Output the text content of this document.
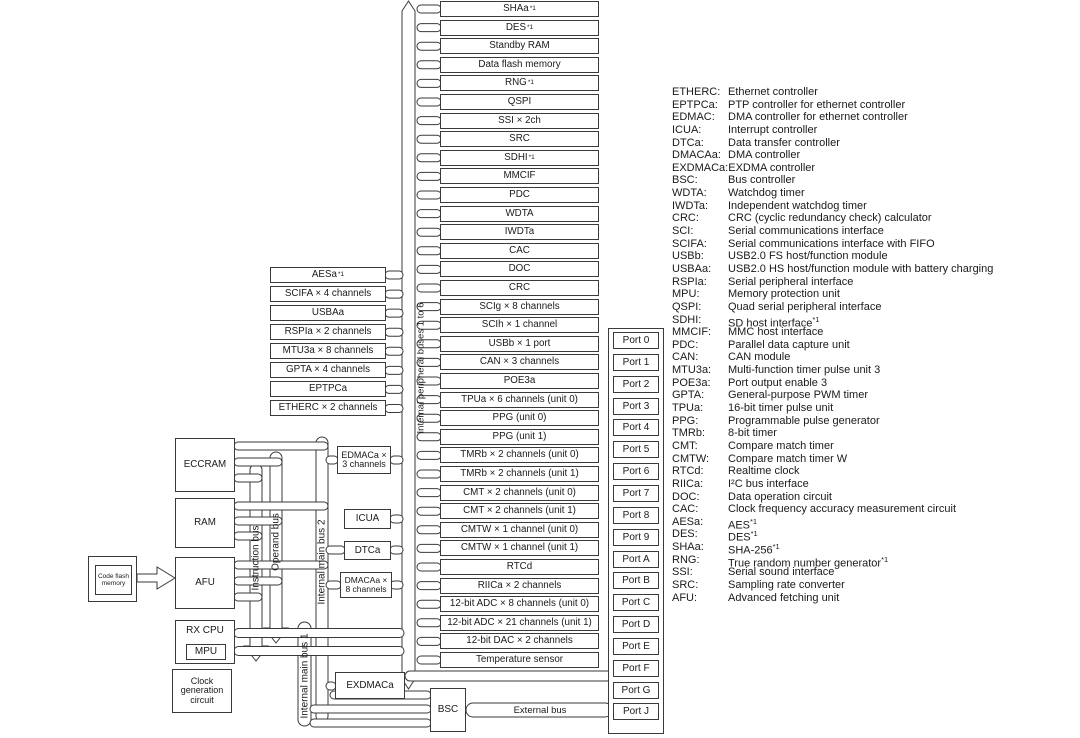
SHAa *1
DES *1
Standby RAM
Data flash memory
RNG *1
QSPI
SSI × 2ch
SRC
SDHI *1
MMCIF
PDC
WDTA
IWDTa
CAC
DOC
CRC
SCIg × 8 channels
SCIh × 1 channel
USBb × 1 port
CAN × 3 channels
POE3a
TPUa × 6 channels (unit 0)
PPG (unit 0)
PPG (unit 1)
TMRb × 2 channels (unit 0)
TMRb × 2 channels (unit 1)
CMT × 2 channels (unit 0)
CMT × 2 channels (unit 1)
CMTW × 1 channel (unit 0)
CMTW × 1 channel (unit 1)
RTCd
RIICa × 2 channels
12-bit ADC × 8 channels (unit 0)
12-bit ADC × 21 channels (unit 1)
12-bit DAC × 2 channels
Temperature sensor
AESa *1
SCIFA × 4 channels
USBAa
RSPIa × 2 channels
MTU3a × 8 channels
GPTA × 4 channels
EPTPCa
ETHERC × 2 channels
ECCRAM
RAM
AFU
Code flash memory
RX CPU
MPU
Clock generation circuit
EDMACa × 3 channels
ICUA
DTCa
DMACAa × 8 channels
EXDMACa
BSC
Instruction bus Operand bus	Internal main bus 2
Internal main bus 1
Internal peripheral buses 1 to 6
External bus
Port 0
Port 1
Port 2
Port 3
Port 4
Port 5
Port 6
Port 7
Port 8
Port 9
Port A
Port B
Port C
Port D
Port E
Port F
Port G
Port J
ETHERC: Ethernet controller
EPTPCa: PTP controller for ethernet controller
EDMAC:	DMA controller for ethernet controller
ICUA:	Interrupt controller
DTCa:	Data transfer controller
DMACAa: DMA controller
EXDMACa: EXDMA controller
BSC:	Bus controller
WDTA:	Watchdog timer
IWDTa:	Independent watchdog timer
CRC:	CRC (cyclic redundancy check) calculator
SCI:	Serial communications interface
SCIFA:	Serial communications interface with FIFO
USBb:	USB2.0 FS host/function module
USBAa:	USB2.0 HS host/function module with battery charging
RSPIa:	Serial peripheral interface
MPU:	Memory protection unit
QSPI:	Quad serial peripheral interface
SDHI:	SD host interface$^{*1}$
MMCIF:	MMC host interface
PDC:	Parallel data capture unit
CAN:	CAN module
MTU3a:	Multi-function timer pulse unit 3
POE3a:	Port output enable 3
GPTA:	General-purpose PWM timer
TPUa:	16-bit timer pulse unit
PPG:	Programmable pulse generator
TMRb:	8-bit timer
CMT:	Compare match timer
CMTW:	Compare match timer W
RTCd:	Realtime clock
RIICa:	I²C bus interface
DOC:	Data operation circuit
CAC:	Clock frequency accuracy measurement circuit
AESa:	AES$^{*1}$
DES:	DES$^{*1}$
SHAa:	SHA-256$^{*1}$
RNG:	True random number generator$^{*1}$
SSI:	Serial sound interface
SRC:	Sampling rate converter
AFU:	Advanced fetching unit
